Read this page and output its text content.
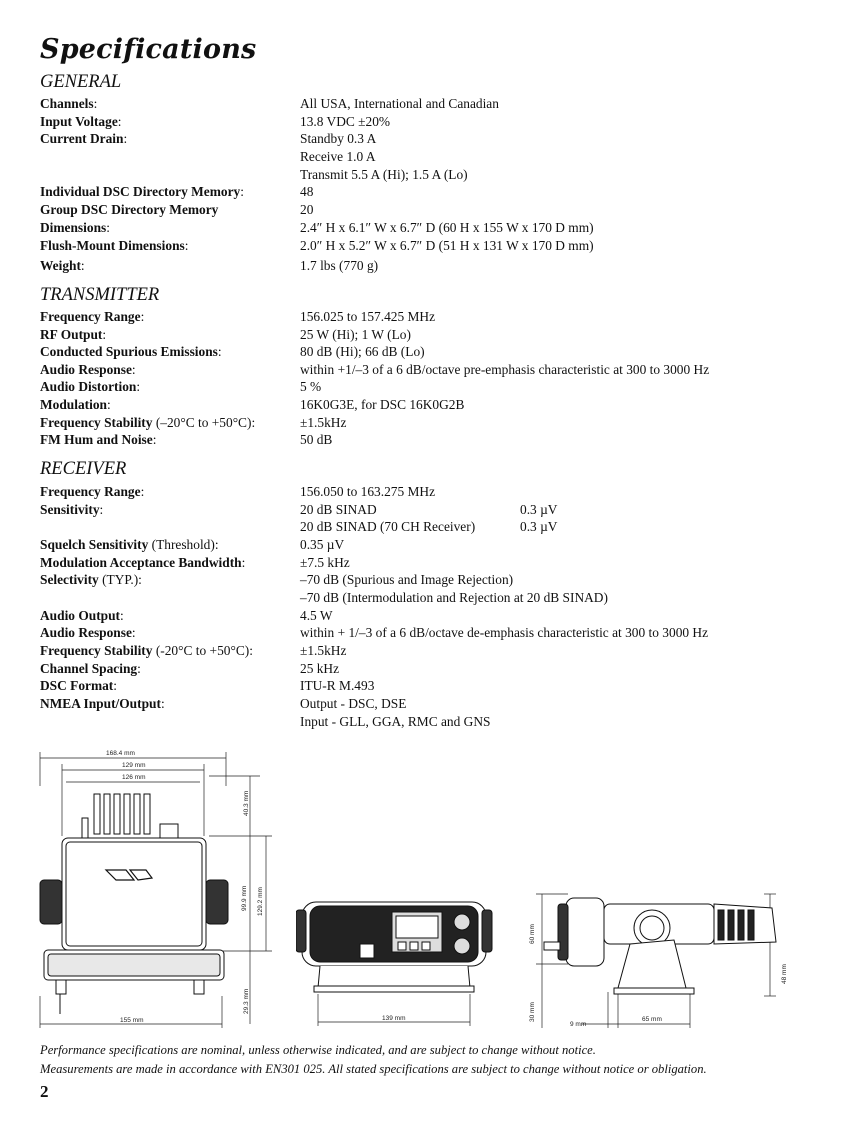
Specifications
GENERAL
Channels:	All USA, International and Canadian
Input Voltage:	13.8 VDC ±20%
Current Drain:	Standby 0.3 A
Receive 1.0 A
Transmit 5.5 A (Hi); 1.5 A (Lo)
Individual DSC Directory Memory:	48
Group DSC Directory Memory	20
Dimensions:	2.4″ H x 6.1″ W x 6.7″ D (60 H x 155 W x 170 D mm)
Flush-Mount Dimensions:	2.0″ H x 5.2″ W x 6.7″ D (51 H x 131 W x 170 D mm)
Weight:	1.7 lbs (770 g)
TRANSMITTER
Frequency Range:	156.025 to 157.425 MHz
RF Output:	25 W (Hi); 1 W (Lo)
Conducted Spurious Emissions:	80 dB (Hi); 66 dB (Lo)
Audio Response:	within +1/–3 of a 6 dB/octave pre-emphasis characteristic at 300 to 3000 Hz
Audio Distortion:	5 %
Modulation:	16K0G3E, for DSC 16K0G2B
Frequency Stability (–20°C to +50°C):	±1.5kHz
FM Hum and Noise:	50 dB
RECEIVER
Frequency Range:	156.050 to 163.275 MHz
Sensitivity:	20 dB SINAD	0.3 µV
20 dB SINAD (70 CH Receiver)	0.3 µV
Squelch Sensitivity (Threshold):	0.35 µV
Modulation Acceptance Bandwidth:	±7.5 kHz
Selectivity (TYP.):	–70 dB (Spurious and Image Rejection)
–70 dB (Intermodulation and Rejection at 20 dB SINAD)
Audio Output:	4.5 W
Audio Response:	within + 1/–3 of a 6 dB/octave de-emphasis characteristic at 300 to 3000 Hz
Frequency Stability (-20°C to +50°C):	±1.5kHz
Channel Spacing:	25 kHz
DSC Format:	ITU-R M.493
NMEA Input/Output:	Output - DSC, DSE
Input - GLL, GGA, RMC and GNS
168.4 mm
129 mm
126 mm
155 mm
40.3 mm
99.9 mm 129.2 mm
29.3 mm
139 mm
60 mm
30 mm
48 mm
9 mm
65 mm
Performance specifications are nominal, unless otherwise indicated, and are subject to change without notice.
Measurements are made in accordance with EN301 025. All stated specifications are subject to change without notice or obligation.
2
